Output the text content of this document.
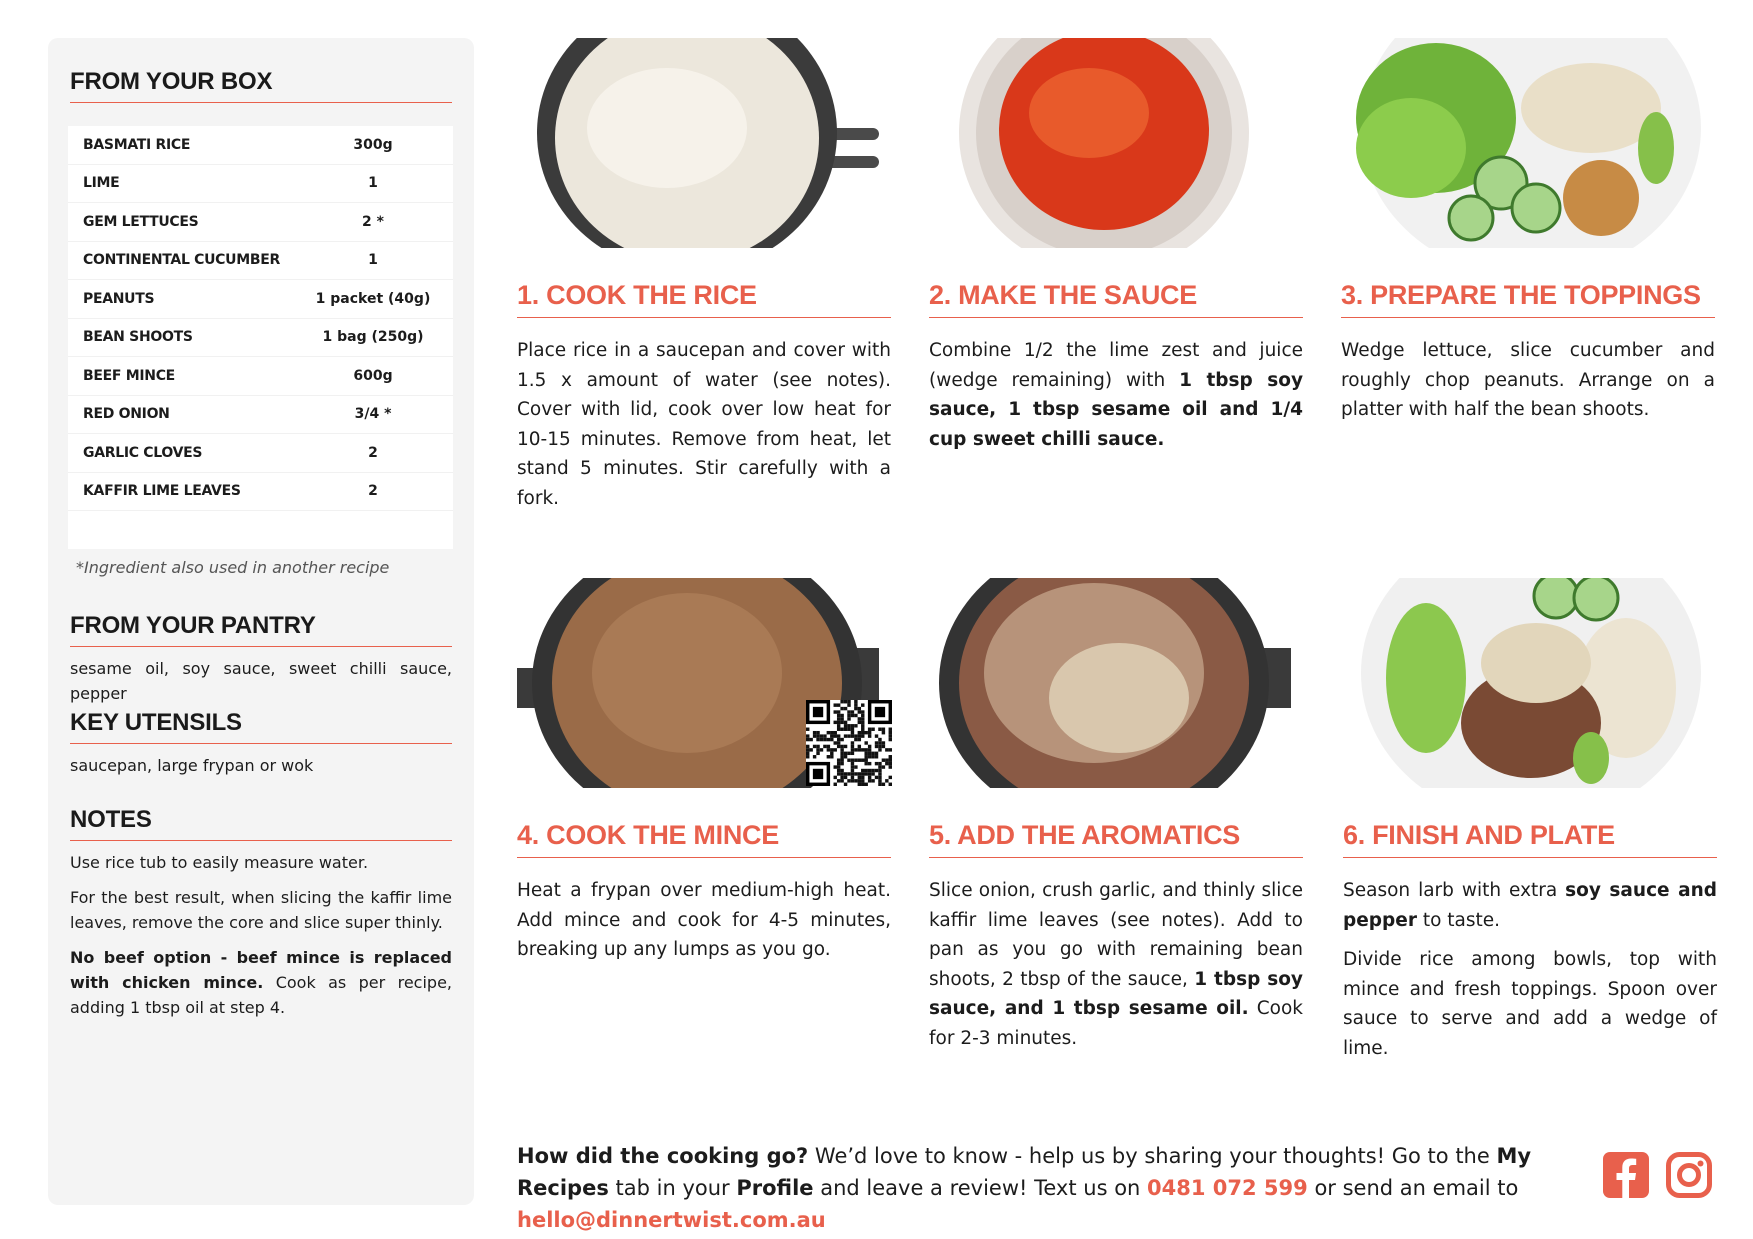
FROM YOUR BOX
BASMATI RICE	300g
LIME	1
GEM LETTUCES	2 *
CONTINENTAL CUCUMBER	1
PEANUTS	1 packet (40g)
BEAN SHOOTS	1 bag (250g)
BEEF MINCE	600g
RED ONION	3/4 *
GARLIC CLOVES	2
KAFFIR LIME LEAVES	2

*Ingredient also used in another recipe
FROM YOUR PANTRY
sesame oil, soy sauce, sweet chilli sauce, pepper
KEY UTENSILS
saucepan, large frypan or wok
NOTES

Use rice tub to easily measure water.

For the best result, when slicing the kaffir lime leaves, remove the core and slice super thinly.

No beef option - beef mince is replaced with chicken mince. Cook as per recipe, adding 1 tbsp oil at step 4.

1. COOK THE RICE

Place rice in a saucepan and cover with 1.5 x amount of water (see notes). Cover with lid, cook over low heat for 10-15 minutes. Remove from heat, let stand 5 minutes. Stir carefully with a fork.

2. MAKE THE SAUCE

Combine 1/2 the lime zest and juice (wedge remaining) with 1 tbsp soy sauce, 1 tbsp sesame oil and 1/4 cup sweet chilli sauce.

3. PREPARE THE TOPPINGS

Wedge lettuce, slice cucumber and roughly chop peanuts. Arrange on a platter with half the bean shoots.

4. COOK THE MINCE

Heat a frypan over medium-high heat. Add mince and cook for 4-5 minutes, breaking up any lumps as you go.

5. ADD THE AROMATICS

Slice onion, crush garlic, and thinly slice kaffir lime leaves (see notes). Add to pan as you go with remaining bean shoots, 2 tbsp of the sauce, 1 tbsp soy sauce, and 1 tbsp sesame oil. Cook for 2-3 minutes.

6. FINISH AND PLATE

Season larb with extra soy sauce and pepper to taste.

Divide rice among bowls, top with mince and fresh toppings. Spoon over sauce to serve and add a wedge of lime.

How did the cooking go? We’d love to know - help us by sharing your thoughts! Go to the My Recipes tab in your Profile and leave a review! Text us on 0481 072 599 or send an email to hello@dinnertwist.com.au
